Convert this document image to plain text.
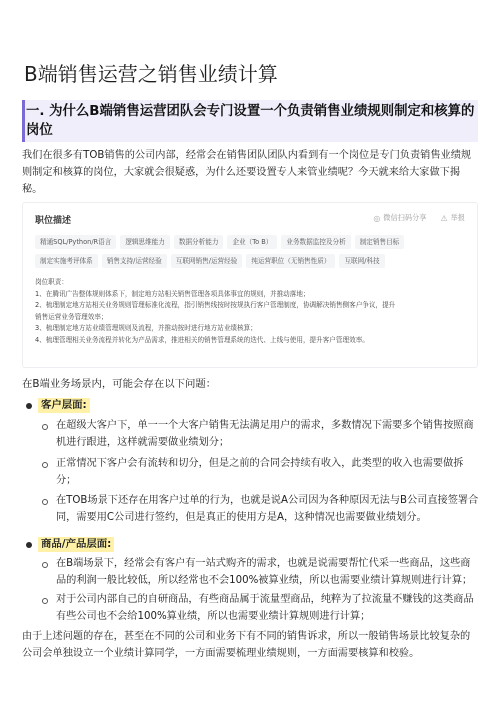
B端销售运营之销售业绩计算
一. 为什么B端销售运营团队会专门设置一个负责销售业绩规则制定和核算的岗位
我们在很多有TOB销售的公司内部，经常会在销售团队团队内看到有一个岗位是专门负责销售业绩规则制定和核算的岗位，大家就会很疑惑，为什么还要设置专人来管业绩呢？今天就来给大家做下揭秘。
职位描述	◎ 微信扫码分享 ⚠ 举报
精通SQL/Python/R语言	逻辑思维能力	数据分析能力	企业（To B）	业务数据监控及分析	制定销售目标
制定实施考评体系	销售支持/运营经验	互联网销售/运营经验	纯运营职位（无销售性质）	互联网/科技
岗位职责：
1、在腾讯广告整体规则体系下，制定地方站相关销售管理各项具体事宜的规则，并推动落地；
2、梳理制定地方站相关业务规则管理标准化流程，指引销售线按时按规执行客户管理制度，协调解决销售侧客户争议，提升
销售运营业务管理效率；
3、梳理制定地方站业绩管理规则及流程，并推动按时进行地方站业绩核算；
4、梳理管理相关业务流程并转化为产品需求，推进相关的销售管理系统的迭代、上线与使用，提升客户管理效率。
在B端业务场景内，可能会存在以下问题：
客户层面:
在超级大客户下，单一一个大客户销售无法满足用户的需求，多数情况下需要多个销售按照商机进行跟进，这样就需要做业绩划分；
正常情况下客户会有流转和切分，但是之前的合同会持续有收入，此类型的收入也需要做拆分；
在TOB场景下还存在用客户过单的行为，也就是说A公司因为各种原因无法与B公司直接签署合同，需要用C公司进行签约，但是真正的使用方是A，这种情况也需要做业绩划分。
商品/产品层面:
在B端场景下，经常会有客户有一站式购齐的需求，也就是说需要帮忙代采一些商品，这些商品的利润一般比较低，所以经常也不会100%被算业绩，所以也需要业绩计算规则进行计算；
对于公司内部自己的自研商品，有些商品属于流量型商品，纯粹为了拉流量不赚钱的这类商品有些公司也不会给100%算业绩，所以也需要业绩计算规则进行计算；
由于上述问题的存在，甚至在不同的公司和业务下有不同的销售诉求，所以一般销售场景比较复杂的公司会单独设立一个业绩计算同学，一方面需要梳理业绩规则，一方面需要核算和校验。
